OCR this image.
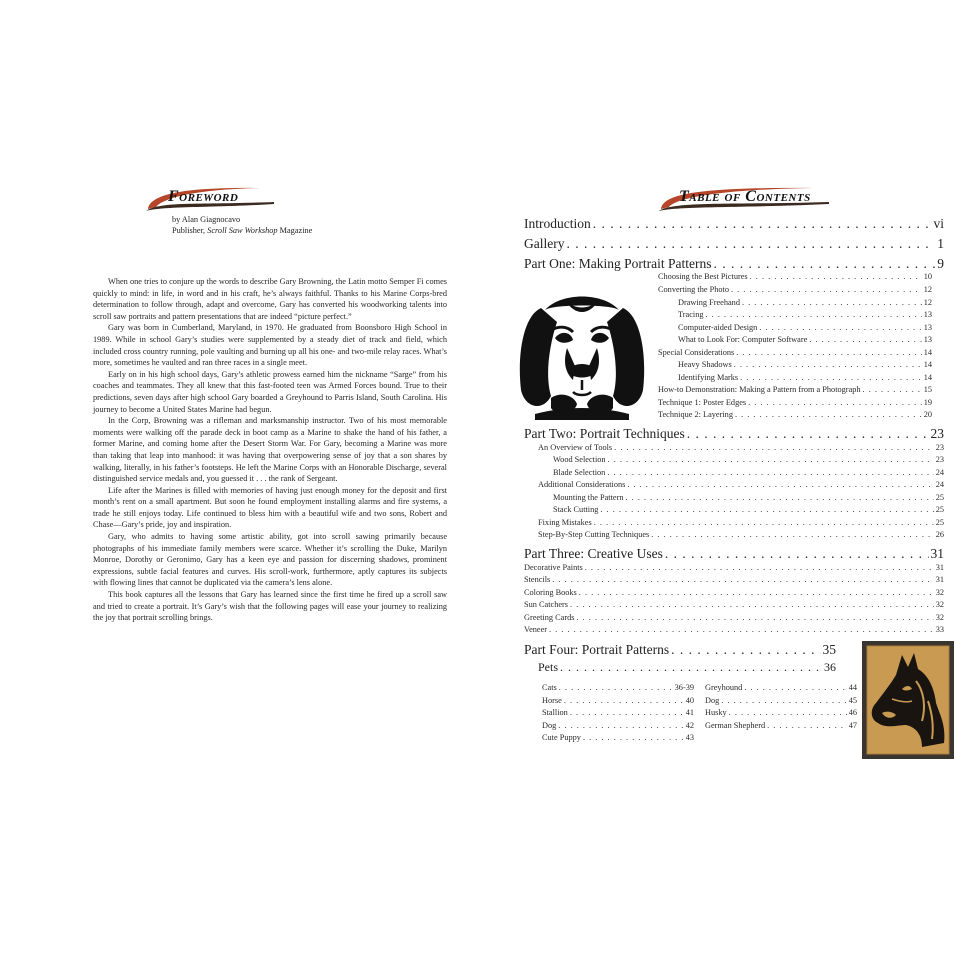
Foreword
by Alan Giagnocavo
Publisher, Scroll Saw Workshop Magazine

When one tries to conjure up the words to describe Gary Browning, the Latin motto Semper Fi comes quickly to mind: in life, in word and in his craft, he’s always faithful. Thanks to his Marine Corps-bred determination to follow through, adapt and overcome, Gary has converted his woodworking talents into scroll saw portraits and pattern presentations that are indeed “picture perfect.”

Gary was born in Cumberland, Maryland, in 1970. He graduated from Boonsboro High School in 1989. While in school Gary’s studies were supplemented by a steady diet of track and field, which included cross country running, pole vaulting and burning up all his one- and two-mile relay races. What’s more, sometimes he vaulted and ran three races in a single meet.

Early on in his high school days, Gary’s athletic prowess earned him the nickname “Sarge” from his coaches and teammates. They all knew that this fast-footed teen was Armed Forces bound. True to their predictions, seven days after high school Gary boarded a Greyhound to Parris Island, South Carolina. His journey to become a United States Marine had begun.

In the Corp, Browning was a rifleman and marksmanship instructor. Two of his most memorable moments were walking off the parade deck in boot camp as a Marine to shake the hand of his father, a former Marine, and coming home after the Desert Storm War. For Gary, becoming a Marine was more than taking that leap into manhood: it was having that overpowering sense of joy that a son shares by walking, literally, in his father’s footsteps. He left the Marine Corps with an Honorable Discharge, several distinguished service medals and, you guessed it . . . the rank of Sergeant.

Life after the Marines is filled with memories of having just enough money for the deposit and first month’s rent on a small apartment. But soon he found employment installing alarms and fire systems, a trade he still enjoys today. Life continued to bless him with a beautiful wife and two sons, Robert and Chase—Gary’s pride, joy and inspiration.

Gary, who admits to having some artistic ability, got into scroll sawing primarily because photographs of his immediate family members were scarce. Whether it’s scrolling the Duke, Marilyn Monroe, Dorothy or Geronimo, Gary has a keen eye and passion for discerning shadows, prominent expressions, subtle facial features and curves. His scroll-work, furthermore, aptly captures its subjects with flowing lines that cannot be duplicated via the camera’s lens alone.

This book captures all the lessons that Gary has learned since the first time he fired up a scroll saw and tried to create a portrait. It’s Gary’s wish that the following pages will ease your journey to realizing the joy that portrait scrolling brings.

Table of Contents
Introduction . . .	vi
Gallery . . .	1
Part One: Making Portrait Patterns . . .	9
Choosing the Best Pictures . . .	10
Converting the Photo . . .	12
Drawing Freehand . . .	12
Tracing . . .	13
Computer-aided Design . . .	13
What to Look For: Computer Software . . .	13
Special Considerations . . .	14
Heavy Shadows . . .	14
Identifying Marks . . .	14
How-to Demonstration: Making a Pattern from a Photograph . . .	15
Technique 1: Poster Edges . . .	19
Technique 2: Layering . . .	20
Part Two: Portrait Techniques . . .	23
An Overview of Tools . . .	23
Wood Selection . . .	23
Blade Selection . . .	24
Additional Considerations . . .	24
Mounting the Pattern . . .	25
Stack Cutting . . .	25
Fixing Mistakes . . .	25
Step-By-Step Cutting Techniques . . .	26
Part Three: Creative Uses . . .	31
Decorative Paints . . .	31
Stencils . . .	31
Coloring Books . . .	32
Sun Catchers . . .	32
Greeting Cards . . .	32
Veneer . . .	33
Part Four: Portrait Patterns . . .	35
Pets . . .	36
Cats . . .	36-39
Horse . . .	40
Stallion . . .	41
Dog . . .	42
Cute Puppy . . .	43
Greyhound . . .	44
Dog . . .	45
Husky . . .	46
German Shepherd . . .	47
